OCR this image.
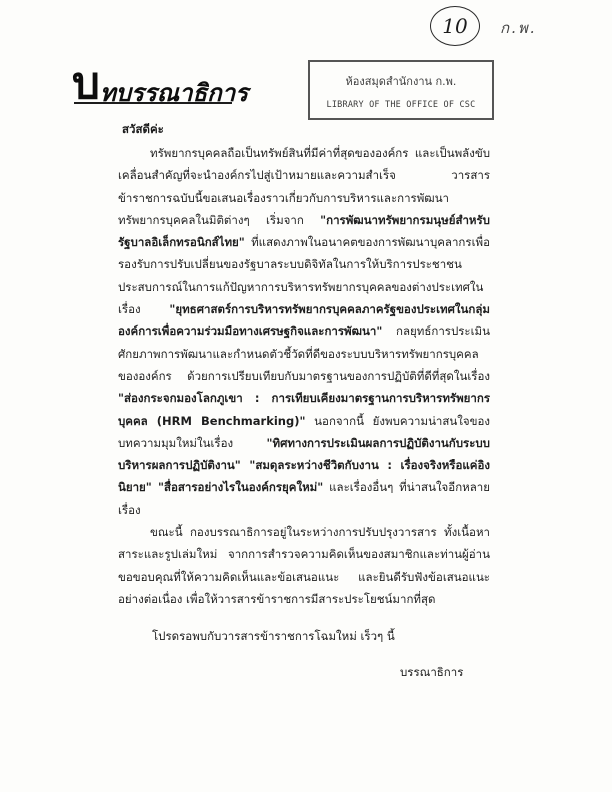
10	ก.พ.
บทบรรณาธิการ	ห้องสมุดสำนักงาน ก.พ.
LIBRARY OF THE OFFICE OF CSC
สวัสดีค่ะ

ทรัพยากรบุคคลถือเป็นทรัพย์สินที่มีค่าที่สุดขององค์กร และเป็นพลังขับเคลื่อนสำคัญที่จะนำองค์กรไปสู่เป้าหมายและความสำเร็จ วารสารข้าราชการฉบับนี้ขอเสนอเรื่องราวเกี่ยวกับการบริหารและการพัฒนาทรัพยากรบุคคลในมิติต่างๆ เริ่มจาก "การพัฒนาทรัพยากรมนุษย์สำหรับรัฐบาลอิเล็กทรอนิกส์ไทย" ที่แสดงภาพในอนาคตของการพัฒนาบุคลากรเพื่อรองรับการปรับเปลี่ยนของรัฐบาลระบบดิจิทัลในการให้บริการประชาชน ประสบการณ์ในการแก้ปัญหาการบริหารทรัพยากรบุคคลของต่างประเทศในเรื่อง "ยุทธศาสตร์การบริหารทรัพยากรบุคคลภาครัฐของประเทศในกลุ่มองค์การเพื่อความร่วมมือทางเศรษฐกิจและการพัฒนา" กลยุทธ์การประเมินศักยภาพการพัฒนาและกำหนดตัวชี้วัดที่ดีของระบบบริหารทรัพยากรบุคคลขององค์กร ด้วยการเปรียบเทียบกับมาตรฐานของการปฏิบัติที่ดีที่สุดในเรื่อง "ส่องกระจกมองโลกภูเขา : การเทียบเคียงมาตรฐานการบริหารทรัพยากรบุคคล (HRM Benchmarking)" นอกจากนี้ ยังพบความน่าสนใจของบทความมุมใหม่ในเรื่อง "ทิศทางการประเมินผลการปฏิบัติงานกับระบบบริหารผลการปฏิบัติงาน" "สมดุลระหว่างชีวิตกับงาน : เรื่องจริงหรือแค่อิงนิยาย" "สื่อสารอย่างไรในองค์กรยุคใหม่" และเรื่องอื่นๆ ที่น่าสนใจอีกหลายเรื่อง

ขณะนี้ กองบรรณาธิการอยู่ในระหว่างการปรับปรุงวารสาร ทั้งเนื้อหาสาระและรูปเล่มใหม่ จากการสำรวจความคิดเห็นของสมาชิกและท่านผู้อ่าน ขอขอบคุณที่ให้ความคิดเห็นและข้อเสนอแนะ และยินดีรับฟังข้อเสนอแนะอย่างต่อเนื่อง เพื่อให้วารสารข้าราชการมีสาระประโยชน์มากที่สุด

โปรดรอพบกับวารสารข้าราชการโฉมใหม่ เร็วๆ นี้
บรรณาธิการ
